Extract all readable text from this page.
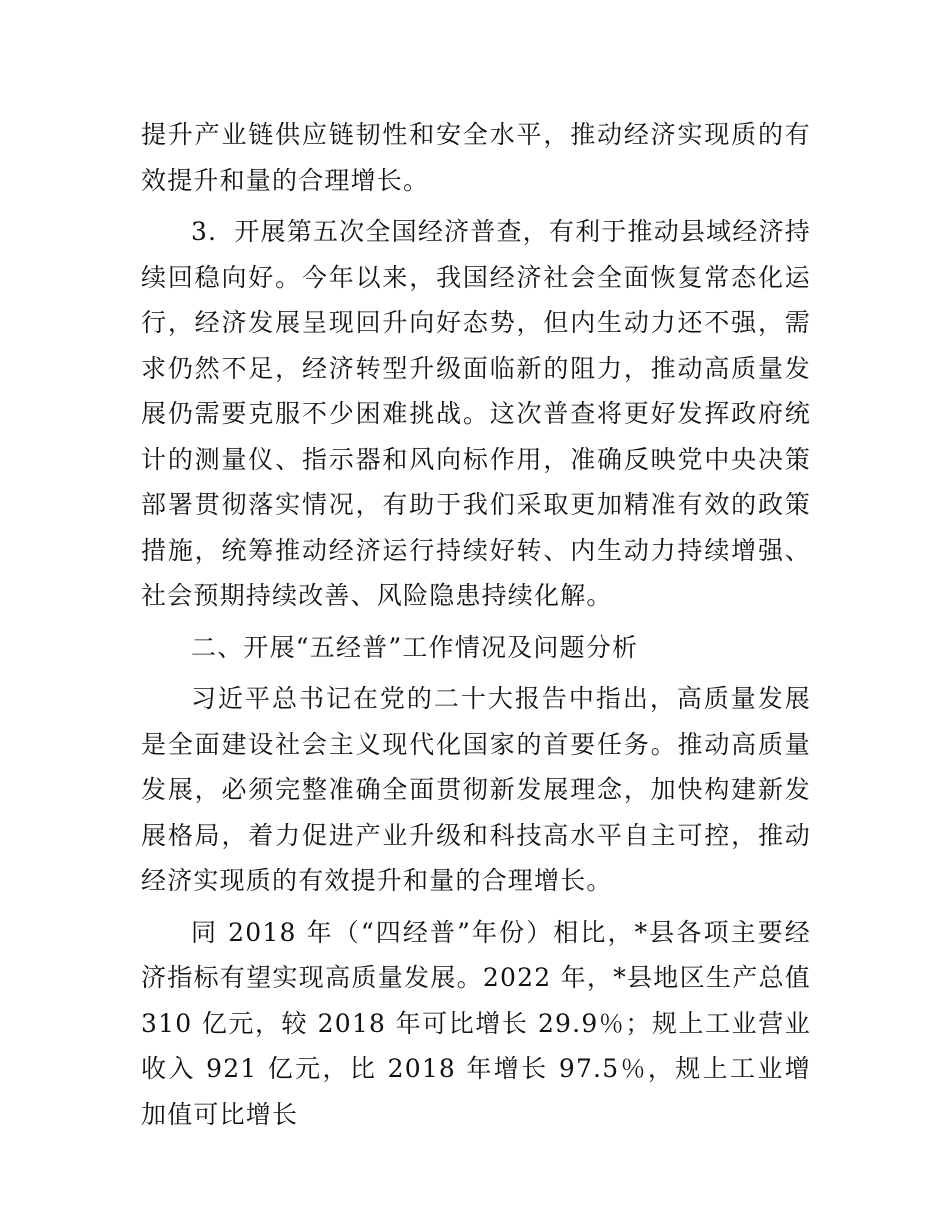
提升产业链供应链韧性和安全水平，推动经济实现质的有效提升和量的合理增长。

3．开展第五次全国经济普查，有利于推动县域经济持续回稳向好。今年以来，我国经济社会全面恢复常态化运行，经济发展呈现回升向好态势，但内生动力还不强，需求仍然不足，经济转型升级面临新的阻力，推动高质量发展仍需要克服不少困难挑战。这次普查将更好发挥政府统计的测量仪、指示器和风向标作用，准确反映党中央决策部署贯彻落实情况，有助于我们采取更加精准有效的政策措施，统筹推动经济运行持续好转、内生动力持续增强、社会预期持续改善、风险隐患持续化解。

二、开展“五经普”工作情况及问题分析

习近平总书记在党的二十大报告中指出，高质量发展是全面建设社会主义现代化国家的首要任务。推动高质量发展，必须完整准确全面贯彻新发展理念，加快构建新发展格局，着力促进产业升级和科技高水平自主可控，推动经济实现质的有效提升和量的合理增长。

同 2018 年（“四经普”年份）相比，*县各项主要经济指标有望实现高质量发展。2022 年，*县地区生产总值 310 亿元，较 2018 年可比增长 29.9％；规上工业营业收入 921 亿元，比 2018 年增长 97.5％，规上工业增加值可比增长
